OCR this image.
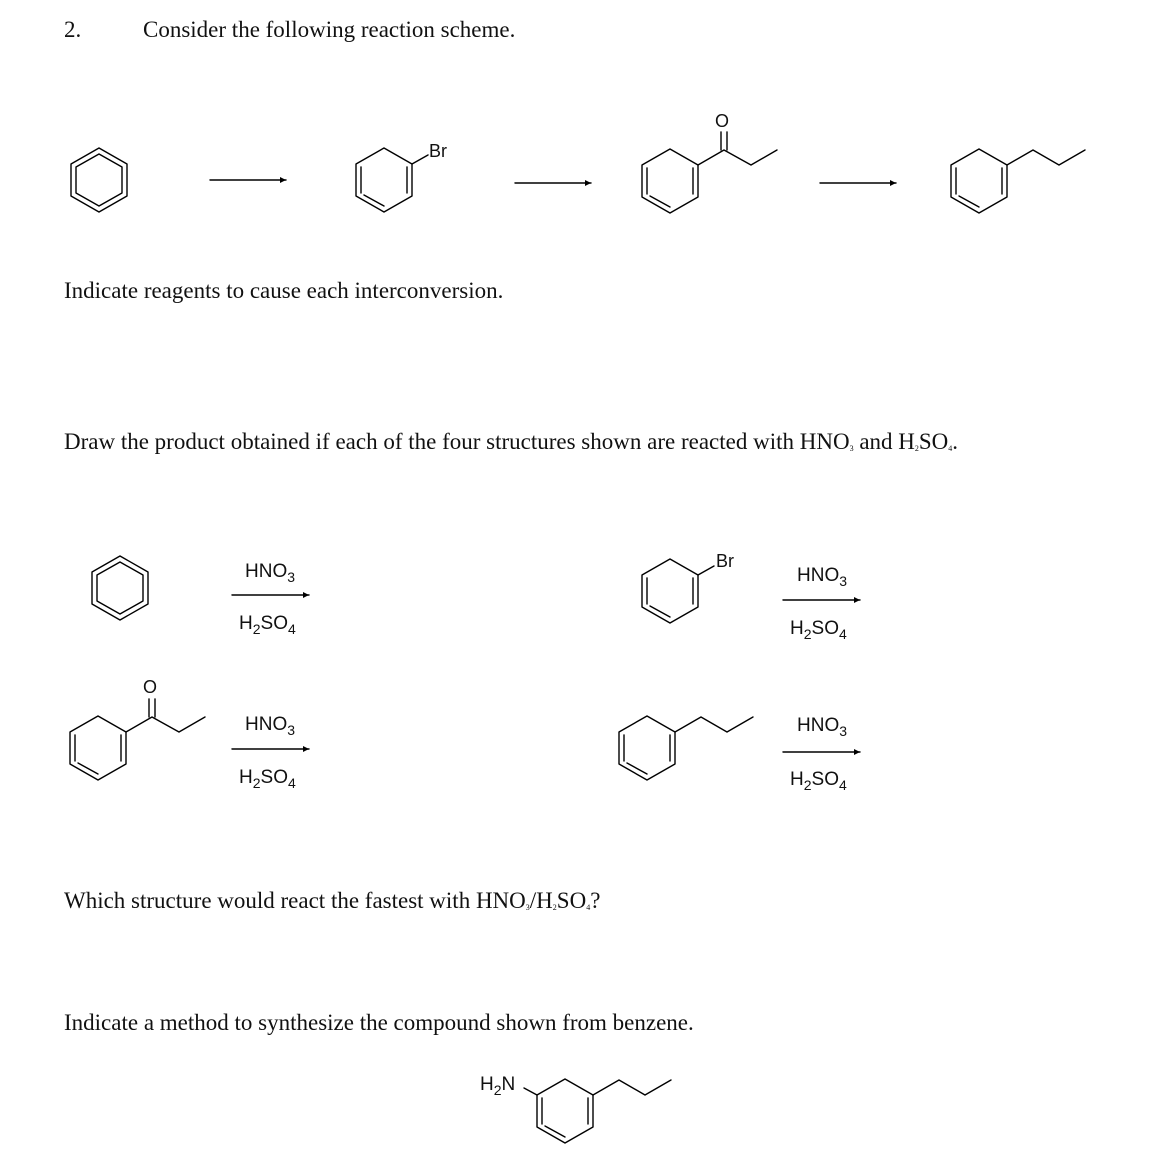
2.	Consider the following reaction scheme.
Indicate reagents to cause each interconversion.
Draw the product obtained if each of the four structures shown are reacted with $HNO_3$ and $H_2SO_4$.
Which structure would react the fastest with $HNO_3/H_2SO_4$?
Indicate a method to synthesize the compound shown from benzene.
Br
O
$HNO_3$
$H_2SO_4$
Br
$HNO_3$
$H_2SO_4$
O
$HNO_3$
$H_2SO_4$
$HNO_3$
$H_2SO_4$
$H_2N$
